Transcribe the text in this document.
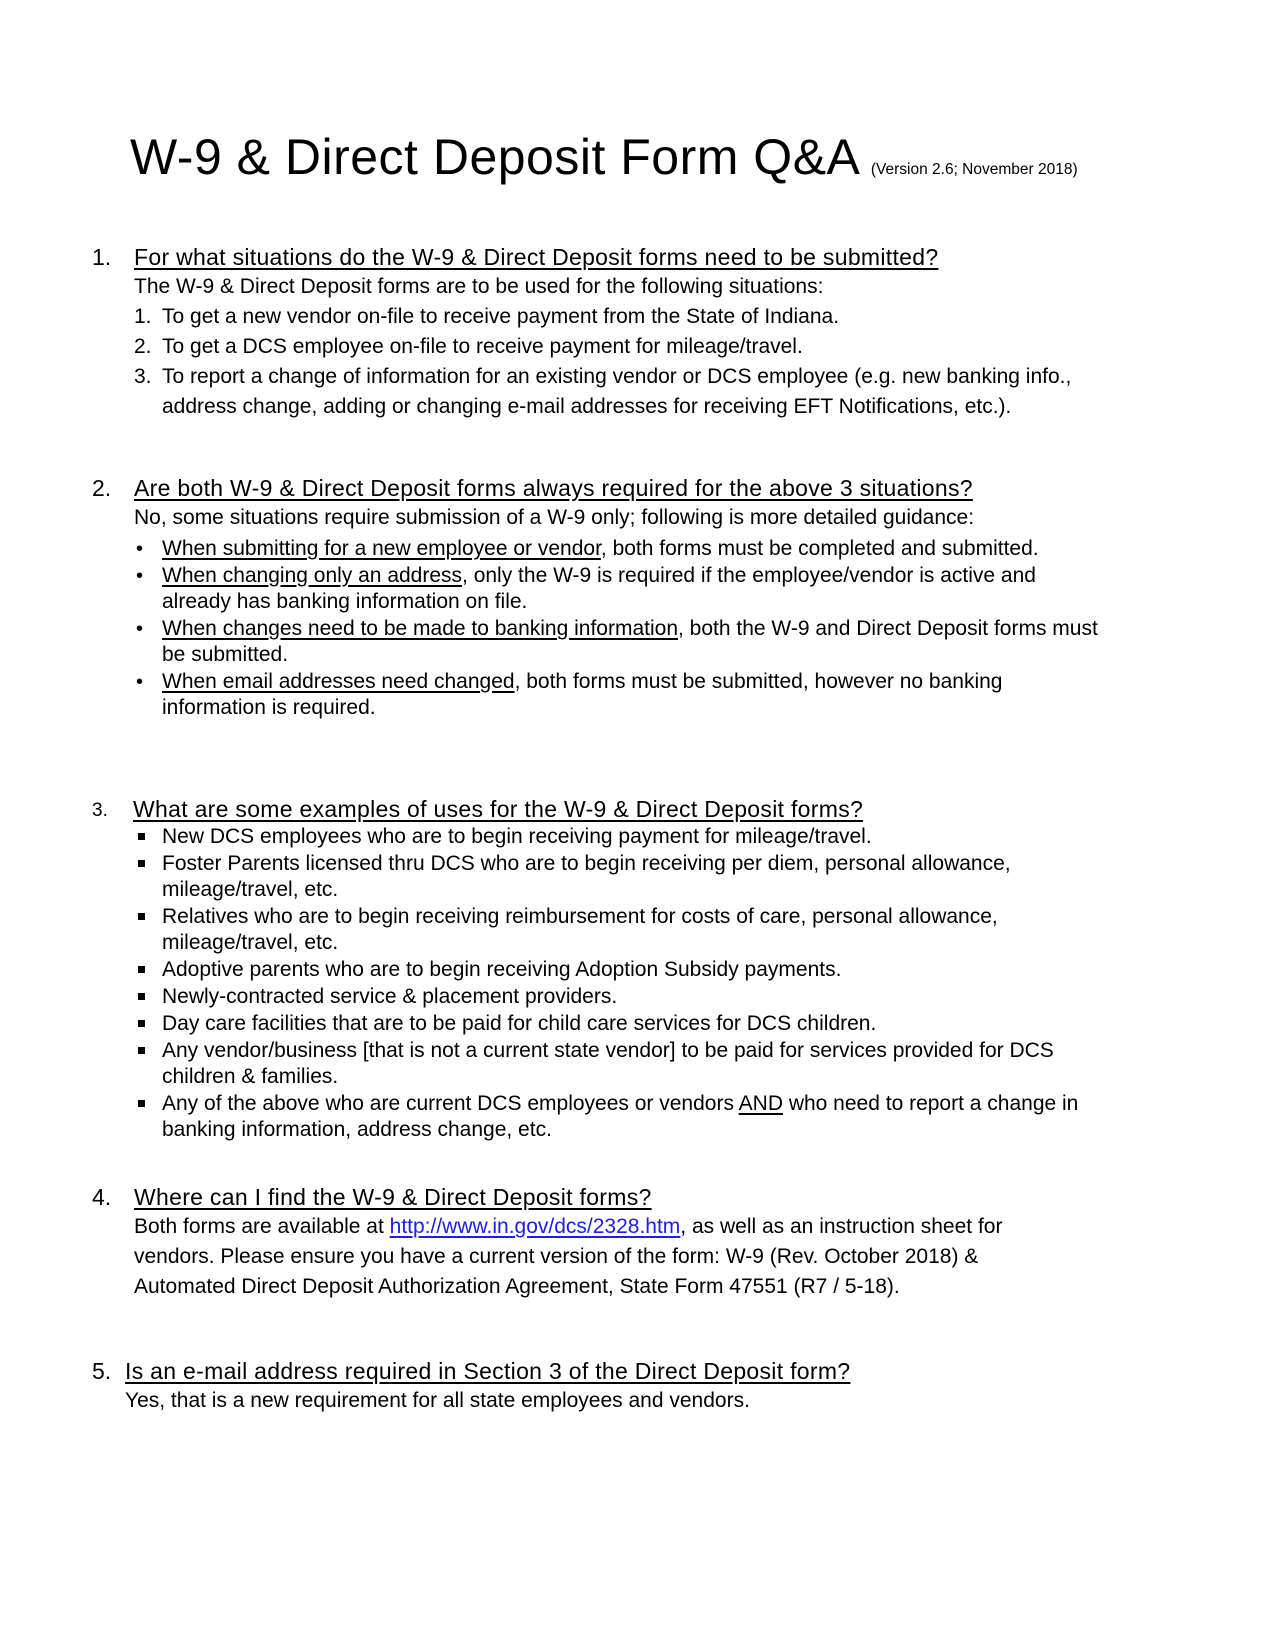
W-9 & Direct Deposit Form Q&A (Version 2.6; November 2018)
1. For what situations do the W-9 & Direct Deposit forms need to be submitted?
The W-9 & Direct Deposit forms are to be used for the following situations:
1. To get a new vendor on-file to receive payment from the State of Indiana.
2. To get a DCS employee on-file to receive payment for mileage/travel.
3. To report a change of information for an existing vendor or DCS employee (e.g. new banking info., address change, adding or changing e-mail addresses for receiving EFT Notifications, etc.).
2. Are both W-9 & Direct Deposit forms always required for the above 3 situations?
No, some situations require submission of a W-9 only; following is more detailed guidance:
• When submitting for a new employee or vendor, both forms must be completed and submitted.
• When changing only an address, only the W-9 is required if the employee/vendor is active and already has banking information on file.
• When changes need to be made to banking information, both the W-9 and Direct Deposit forms must be submitted.
• When email addresses need changed, both forms must be submitted, however no banking information is required.
3. What are some examples of uses for the W-9 & Direct Deposit forms?
New DCS employees who are to begin receiving payment for mileage/travel.
Foster Parents licensed thru DCS who are to begin receiving per diem, personal allowance, mileage/travel, etc.
Relatives who are to begin receiving reimbursement for costs of care, personal allowance, mileage/travel, etc.
Adoptive parents who are to begin receiving Adoption Subsidy payments.
Newly-contracted service & placement providers.
Day care facilities that are to be paid for child care services for DCS children.
Any vendor/business [that is not a current state vendor] to be paid for services provided for DCS children & families.
Any of the above who are current DCS employees or vendors AND who need to report a change in banking information, address change, etc.
4. Where can I find the W-9 & Direct Deposit forms?
Both forms are available at http://www.in.gov/dcs/2328.htm, as well as an instruction sheet for vendors. Please ensure you have a current version of the form: W-9 (Rev. October 2018) & Automated Direct Deposit Authorization Agreement, State Form 47551 (R7 / 5-18).
5. Is an e-mail address required in Section 3 of the Direct Deposit form?
Yes, that is a new requirement for all state employees and vendors.
